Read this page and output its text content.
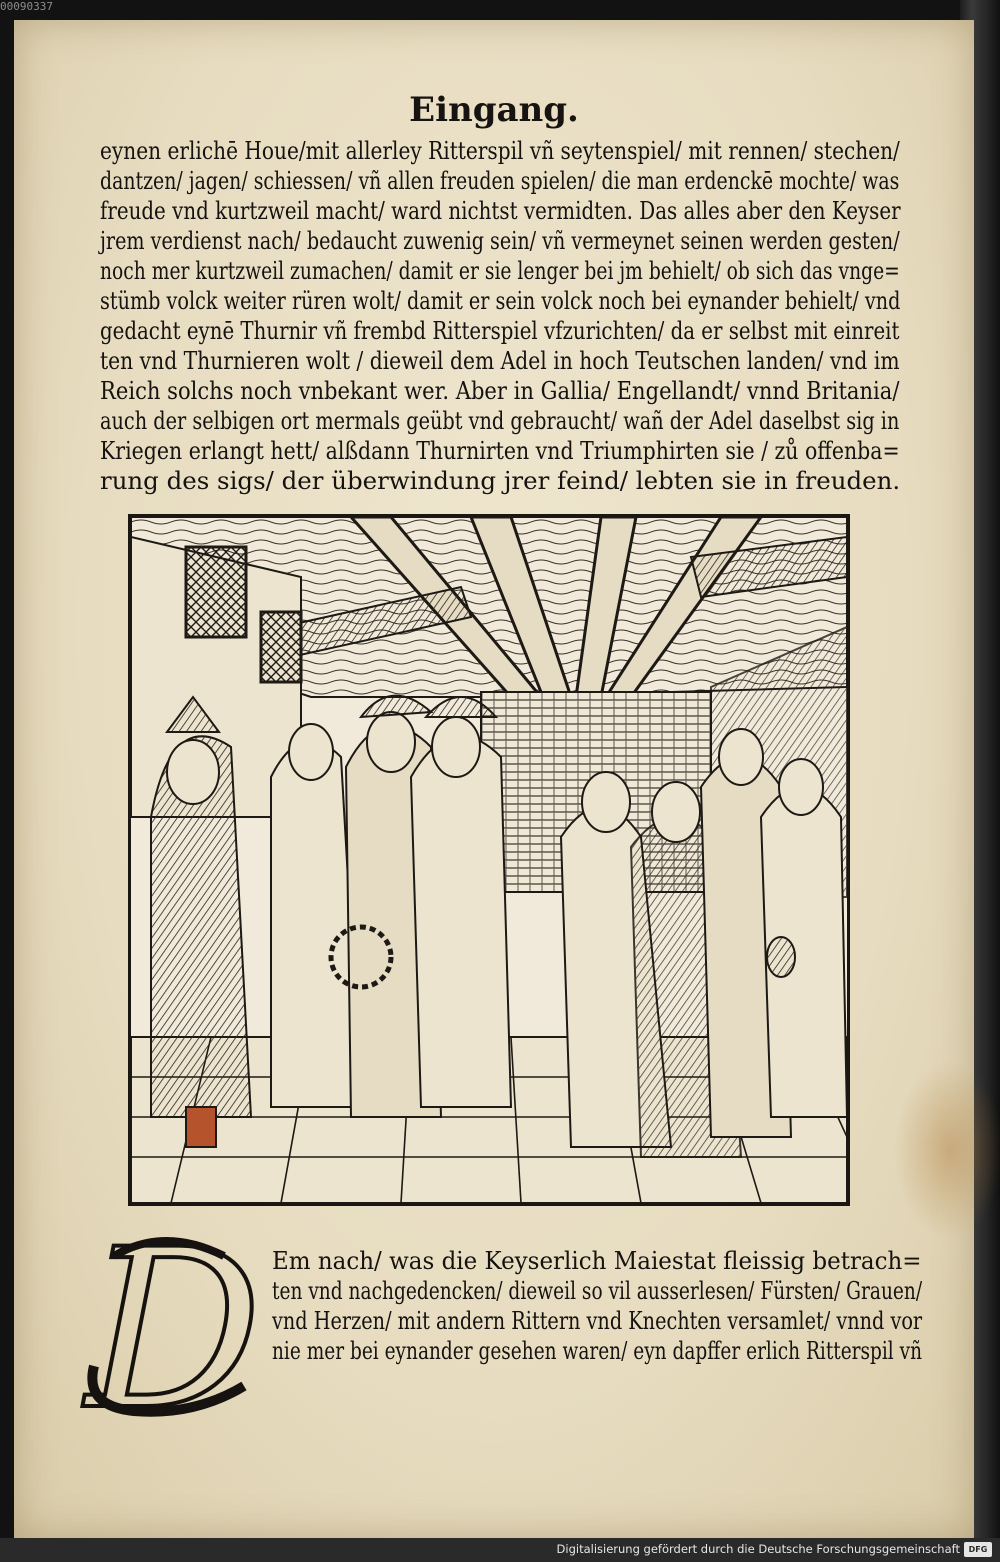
00090337
Eingang.
eynen erlichē Houe/mit allerley Ritterspil vñ seytenspiel/ mit rennen/ stechen/
dantzen/ jagen/ schiessen/ vñ allen freuden spielen/ die man erdenckē mochte/ was
freude vnd kurtzweil macht/ ward nichtst vermidten. Das alles aber den Keyser
jrem verdienst nach/ bedaucht zuwenig sein/ vñ vermeynet seinen werden gesten/
noch mer kurtzweil zumachen/ damit er sie lenger bei jm behielt/ ob sich das vnge=
stümb volck weiter rüren wolt/ damit er sein volck noch bei eynander behielt/ vnd
gedacht eynē Thurnir vñ frembd Ritterspiel vfzurichten/ da er selbst mit einreit
ten vnd Thurnieren wolt / dieweil dem Adel in hoch Teutschen landen/ vnd im
Reich solchs noch vnbekant wer. Aber in Gallia/ Engellandt/ vnnd Britania/
auch der selbigen ort mermals geübt vnd gebraucht/ wañ der Adel daselbst sig in
Kriegen erlangt hett/ alßdann Thurnirten vnd Triumphirten sie / zů offenba=
rung des sigs/ der überwindung jrer feind/ lebten sie in freuden.
D Em nach/ was die Keyserlich Maiestat fleissig betrach=
ten vnd nachgedencken/ dieweil so vil ausserlesen/ Fürsten/ Grauen/
vnd Herzen/ mit andern Rittern vnd Knechten versamlet/ vnnd vor
nie mer bei eynander gesehen waren/ eyn dapffer erlich Ritterspil vñ
Digitalisierung gefördert durch die Deutsche Forschungsgemeinschaft	DFG
